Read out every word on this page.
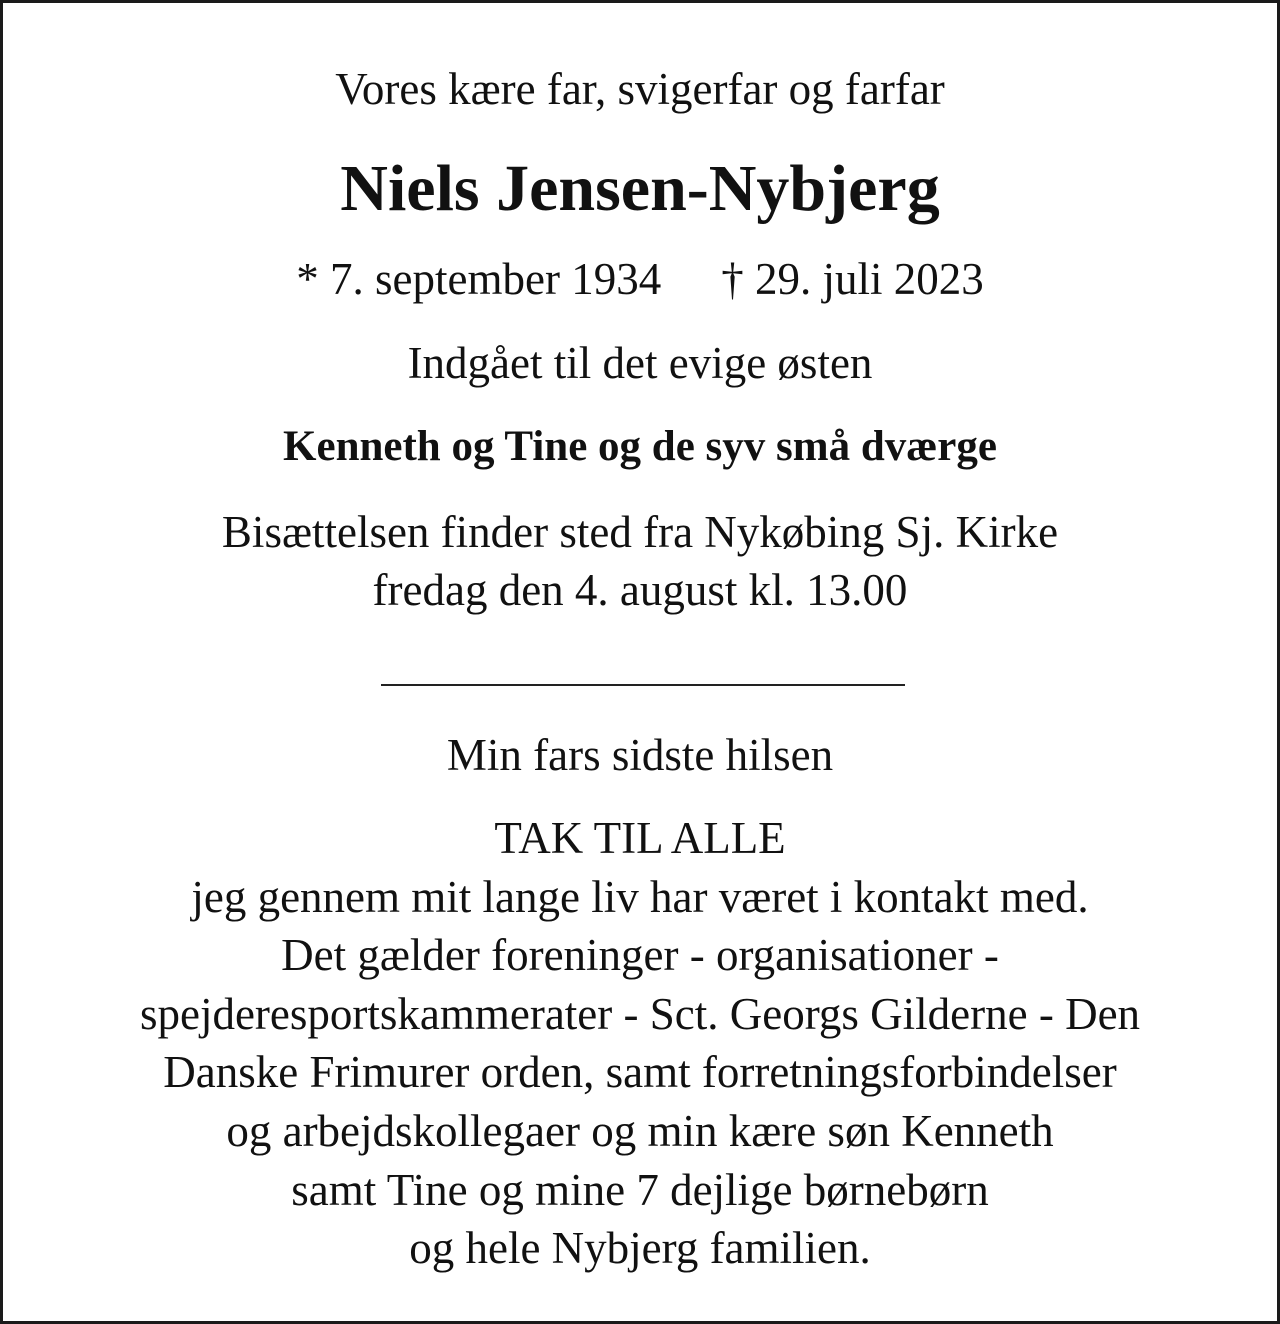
Vores kære far, svigerfar og farfar
Niels Jensen-Nybjerg
* 7. september 1934 † 29. juli 2023
Indgået til det evige østen
Kenneth og Tine og de syv små dværge
Bisættelsen finder sted fra Nykøbing Sj. Kirke
fredag den 4. august kl. 13.00
Min fars sidste hilsen
TAK TIL ALLE
jeg gennem mit lange liv har været i kontakt med.
Det gælder foreninger - organisationer -
spejderesportskammerater - Sct. Georgs Gilderne - Den
Danske Frimurer orden, samt forretningsforbindelser
og arbejdskollegaer og min kære søn Kenneth
samt Tine og mine 7 dejlige børnebørn
og hele Nybjerg familien.
